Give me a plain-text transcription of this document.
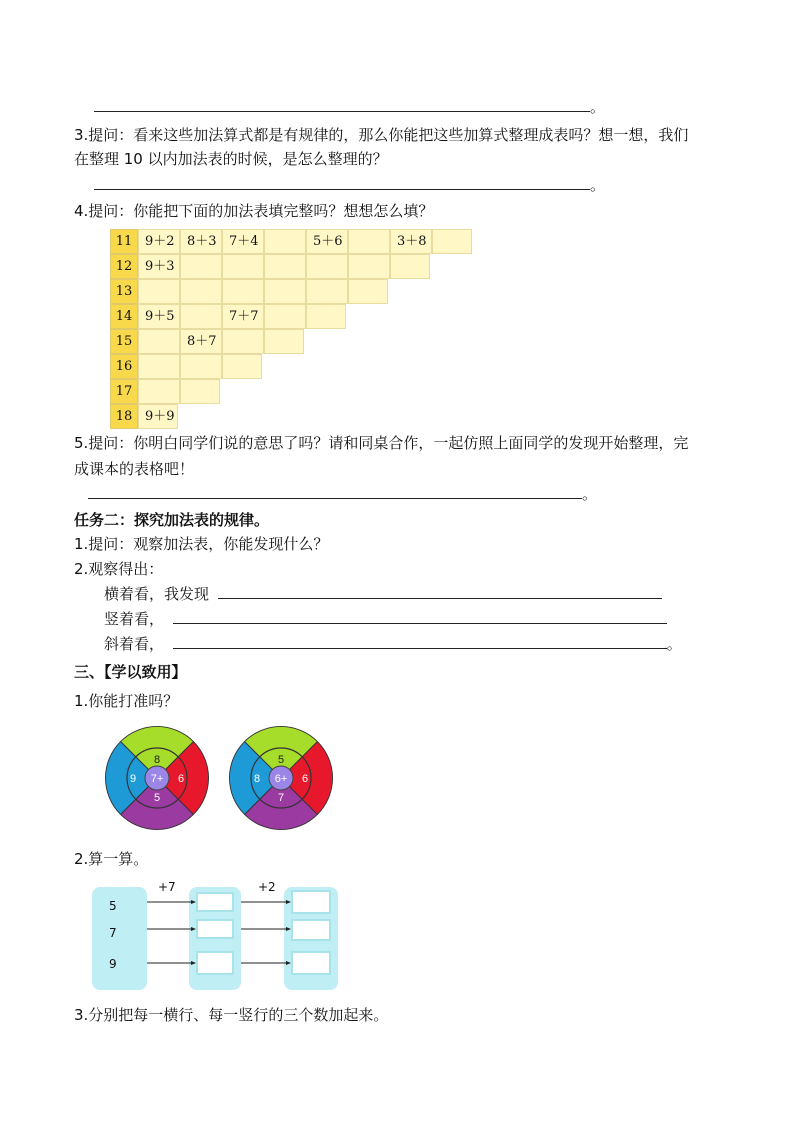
。
3.提问：看来这些加法算式都是有规律的，那么你能把这些加算式整理成表吗？想一想，我们
在整理 10 以内加法表的时候，是怎么整理的？
。
4.提问：你能把下面的加法表填完整吗？想想怎么填？
11 9＋2 8＋3 7＋4	5＋6	3＋8
12 9＋3
13
14 9＋5	7＋7
15	8＋7
16
17
18 9＋9
5.提问：你明白同学们说的意思了吗？请和同桌合作，一起仿照上面同学的发现开始整理，完
成课本的表格吧！
。
任务二：探究加法表的规律。
1.提问：观察加法表，你能发现什么？
2.观察得出：
横着看，我发现
竖着看，
斜着看，	。
三、【学以致用】
1.你能打准吗？
7+
8
9	6
5
6+
5
8	6
7
2.算一算。
+7	+2
5
7
9
3.分别把每一横行、每一竖行的三个数加起来。
